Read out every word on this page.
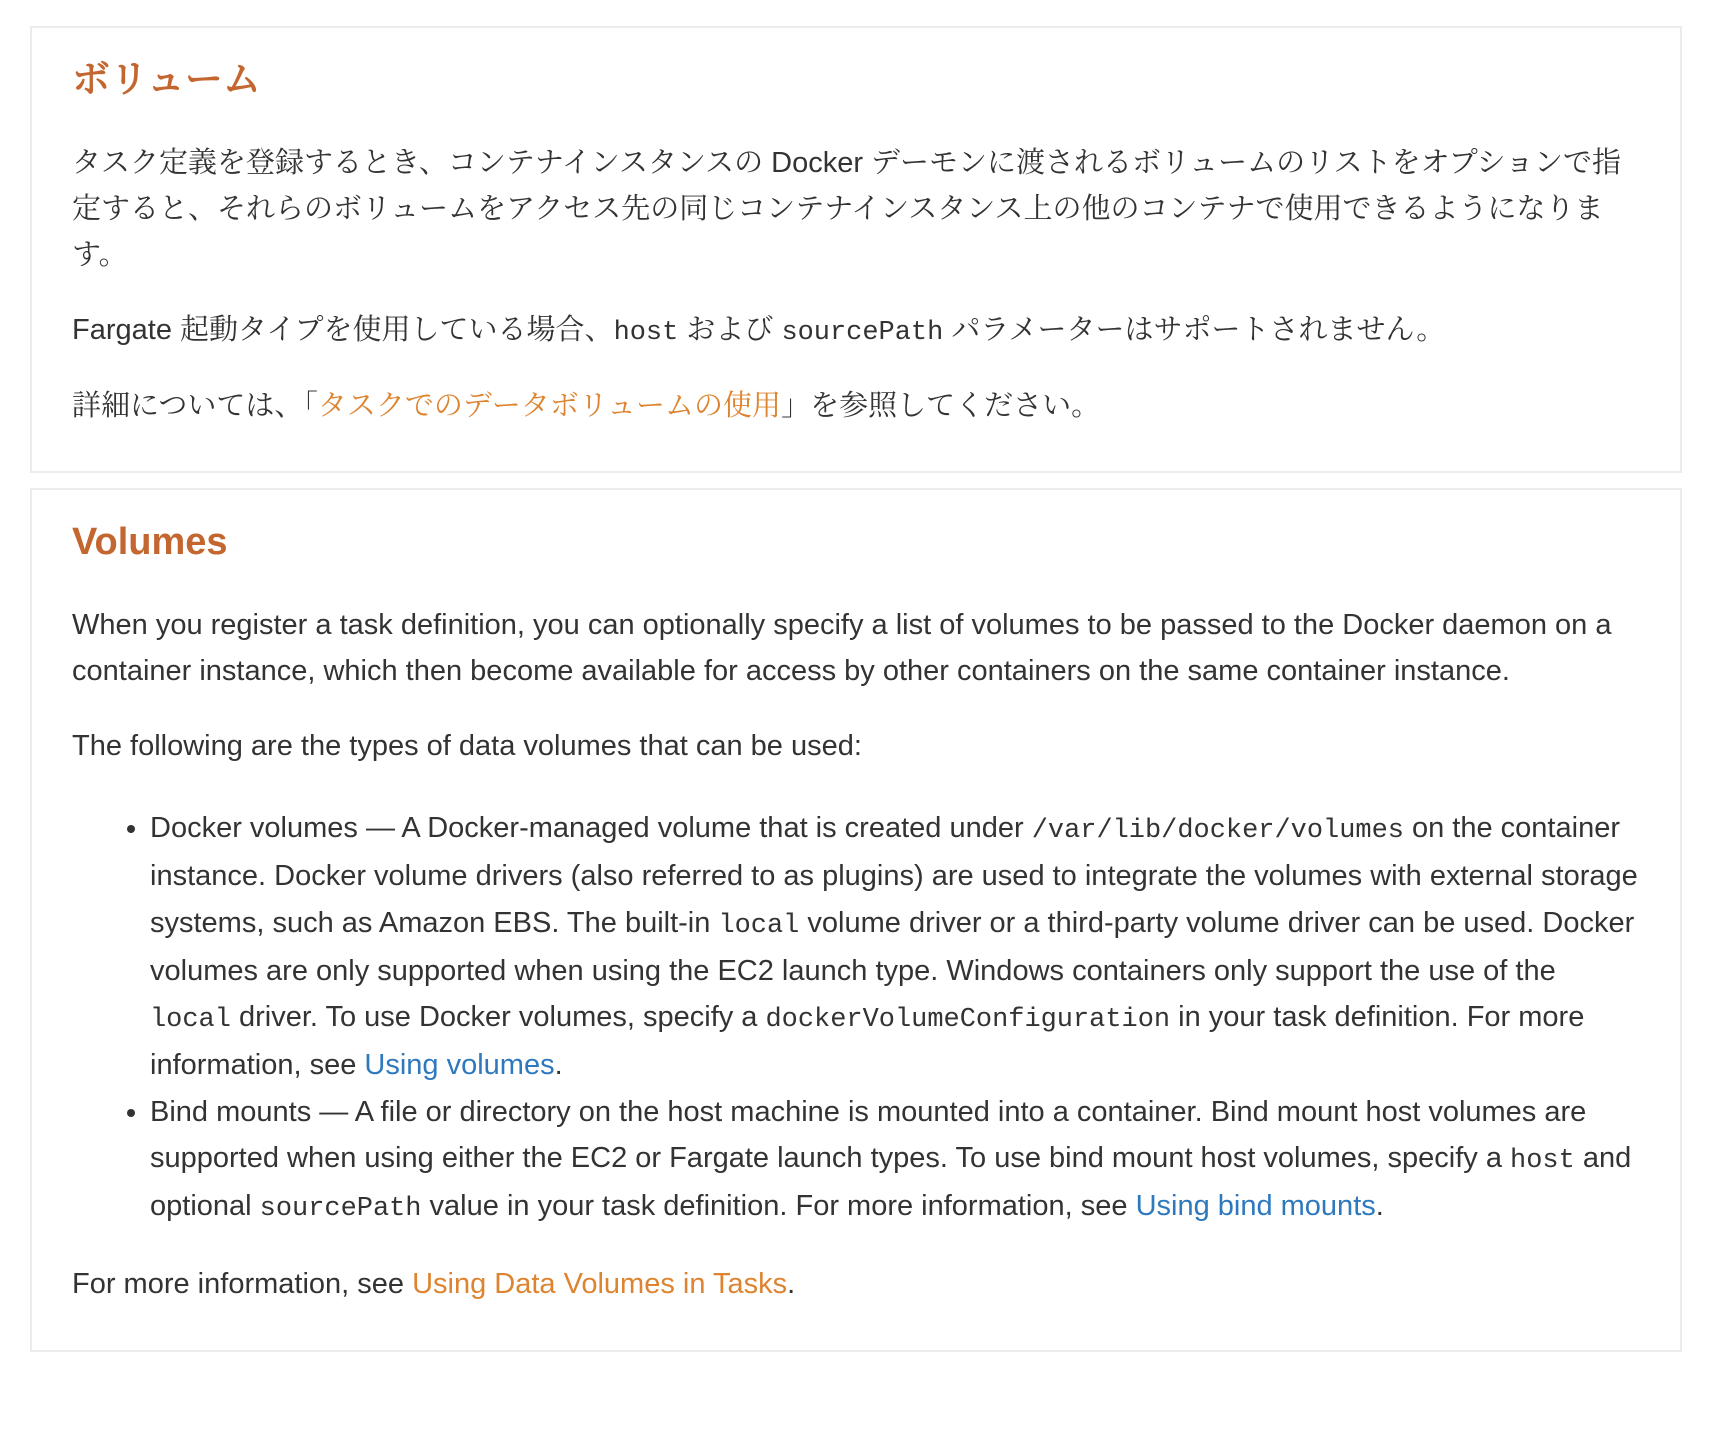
ボリューム

タスク定義を登録するとき、コンテナインスタンスの Docker デーモンに渡されるボリュームのリストをオプションで指定すると、それらのボリュームをアクセス先の同じコンテナインスタンス上の他のコンテナで使用できるようになります。

Fargate 起動タイプを使用している場合、host および sourcePath パラメーターはサポートされません。

詳細については、「タスクでのデータボリュームの使用」を参照してください。

Volumes

When you register a task definition, you can optionally specify a list of volumes to be passed to the Docker daemon on a container instance, which then become available for access by other containers on the same container instance.

The following are the types of data volumes that can be used:

• Docker volumes — A Docker-managed volume that is created under /var/lib/docker/volumes on the container instance. Docker volume drivers (also referred to as plugins) are used to integrate the volumes with external storage systems, such as Amazon EBS. The built-in local volume driver or a third-party volume driver can be used. Docker volumes are only supported when using the EC2 launch type. Windows containers only support the use of the local driver. To use Docker volumes, specify a dockerVolumeConfiguration in your task definition. For more information, see Using volumes.
• Bind mounts — A file or directory on the host machine is mounted into a container. Bind mount host volumes are supported when using either the EC2 or Fargate launch types. To use bind mount host volumes, specify a host and optional sourcePath value in your task definition. For more information, see Using bind mounts.

For more information, see Using Data Volumes in Tasks.
